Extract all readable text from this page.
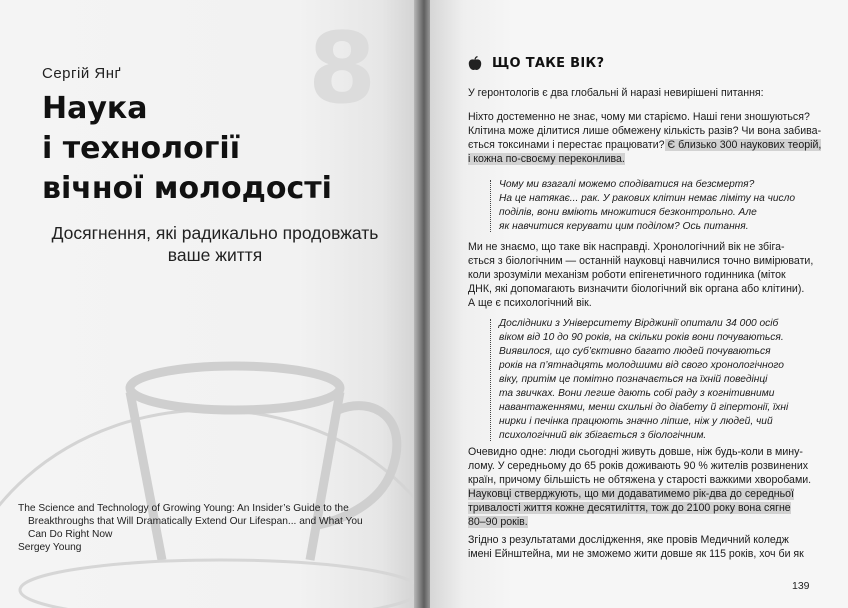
8
Сергій Янґ
Наука
і технології
вічної молодості
Досягнення, які радикально продовжать
ваше життя
The Science and Technology of Growing Young: An Insider’s Guide to the
Breakthroughs that Will Dramatically Extend Our Lifespan... and What You
Can Do Right Now
Sergey Young
ЩО ТАКЕ ВІК?
У геронтологів є два глобальні й наразі невирішені питання:
Ніхто достеменно не знає, чому ми старіємо. Наші гени зношуються?
Клітина може ділитися лише обмежену кількість разів? Чи вона забива-
ється токсинами і перестає працювати? Є близько 300 наукових теорій,
і кожна по-своєму переконлива.
Чому ми взагалі можемо сподіватися на безсмертя?
На це натякає... рак. У ракових клітин немає ліміту на число
поділів, вони вміють множитися безконтрольно. Але
як навчитися керувати цим поділом? Ось питання.
Ми не знаємо, що таке вік насправді. Хронологічний вік не збіга-
ється з біологічним — останній науковці навчилися точно вимірювати,
коли зрозуміли механізм роботи епігенетичного годинника (міток
ДНК, які допомагають визначити біологічний вік органа або клітини).
А ще є психологічний вік.
Дослідники з Університету Вірджинії опитали 34 000 осіб
віком від 10 до 90 років, на скільки років вони почуваються.
Виявилося, що суб’єктивно багато людей почуваються
років на п’ятнадцять молодшими від свого хронологічного
віку, притім це помітно позначається на їхній поведінці
та звичках. Вони легше дають собі раду з когнітивними
навантаженнями, менш схильні до діабету й гіпертонії, їхні
нирки і печінка працюють значно ліпше, ніж у людей, чий
психологічний вік збігається з біологічним.
Очевидно одне: люди сьогодні живуть довше, ніж будь-коли в мину-
лому. У середньому до 65 років доживають 90 % жителів розвинених
країн, причому більшість не обтяжена у старості важкими хворобами.
Науковці стверджують, що ми додаватимемо рік-два до середньої
тривалості життя кожне десятиліття, тож до 2100 року вона сягне
80–90 років.
Згідно з результатами дослідження, яке провів Медичний коледж
імені Ейнштейна, ми не зможемо жити довше як 115 років, хоч би як
139
